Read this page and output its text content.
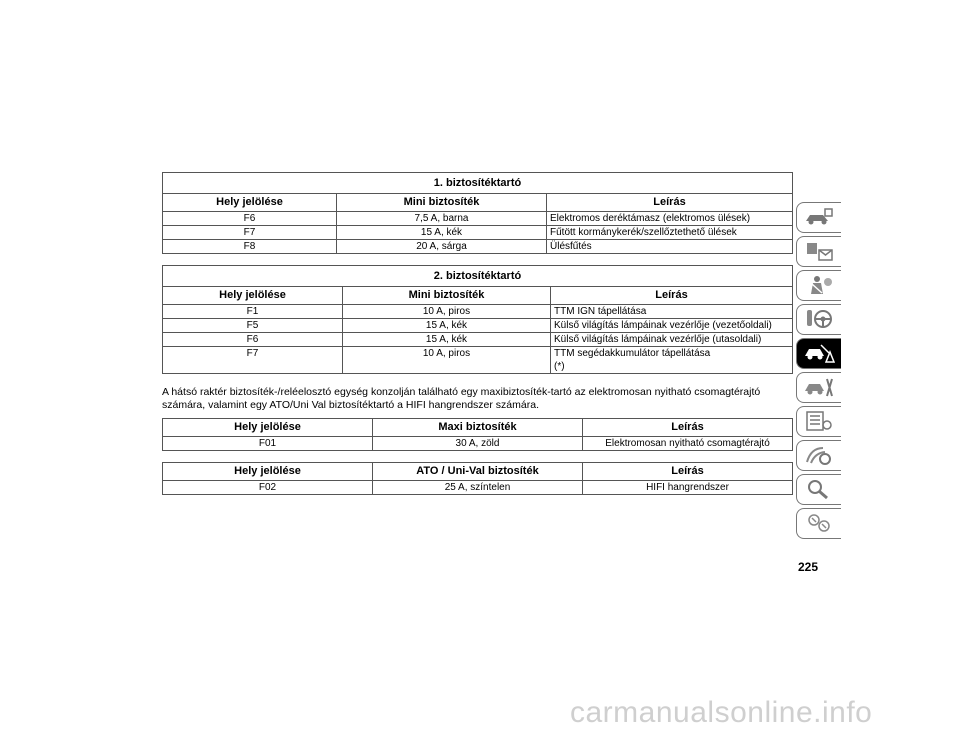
1. biztosítéktartó		
Hely jelölése	Mini biztosíték	Leírás
F6	7,5 A, barna	Elektromos deréktámasz (elektromos ülések)
F7	15 A, kék	Fűtött kormánykerék/szellőztethető ülések
F8	20 A, sárga	Ülésfűtés
2. biztosítéktartó		
Hely jelölése	Mini biztosíték	Leírás
F1	10 A, piros	TTM IGN tápellátása
F5	15 A, kék	Külső világítás lámpáinak vezérlője (vezetőoldali)
F6	15 A, kék	Külső világítás lámpáinak vezérlője (utasoldali)
F7	10 A, piros	TTM segédakkumulátor tápellátása
(*)
A hátsó raktér biztosíték-/reléelosztó egység konzolján található egy maxibiztosíték-tartó az elektromosan nyitható csomagtérajtó számára, valamint egy ATO/Uni Val biztosítéktartó a HIFI hangrendszer számára.
Hely jelölése	Maxi biztosíték	Leírás
F01	30 A, zöld	Elektromosan nyitható csomagtérajtó
Hely jelölése	ATO / Uni-Val biztosíték	Leírás
F02	25 A, színtelen	HIFI hangrendszer
225
carmanualsonline.info
